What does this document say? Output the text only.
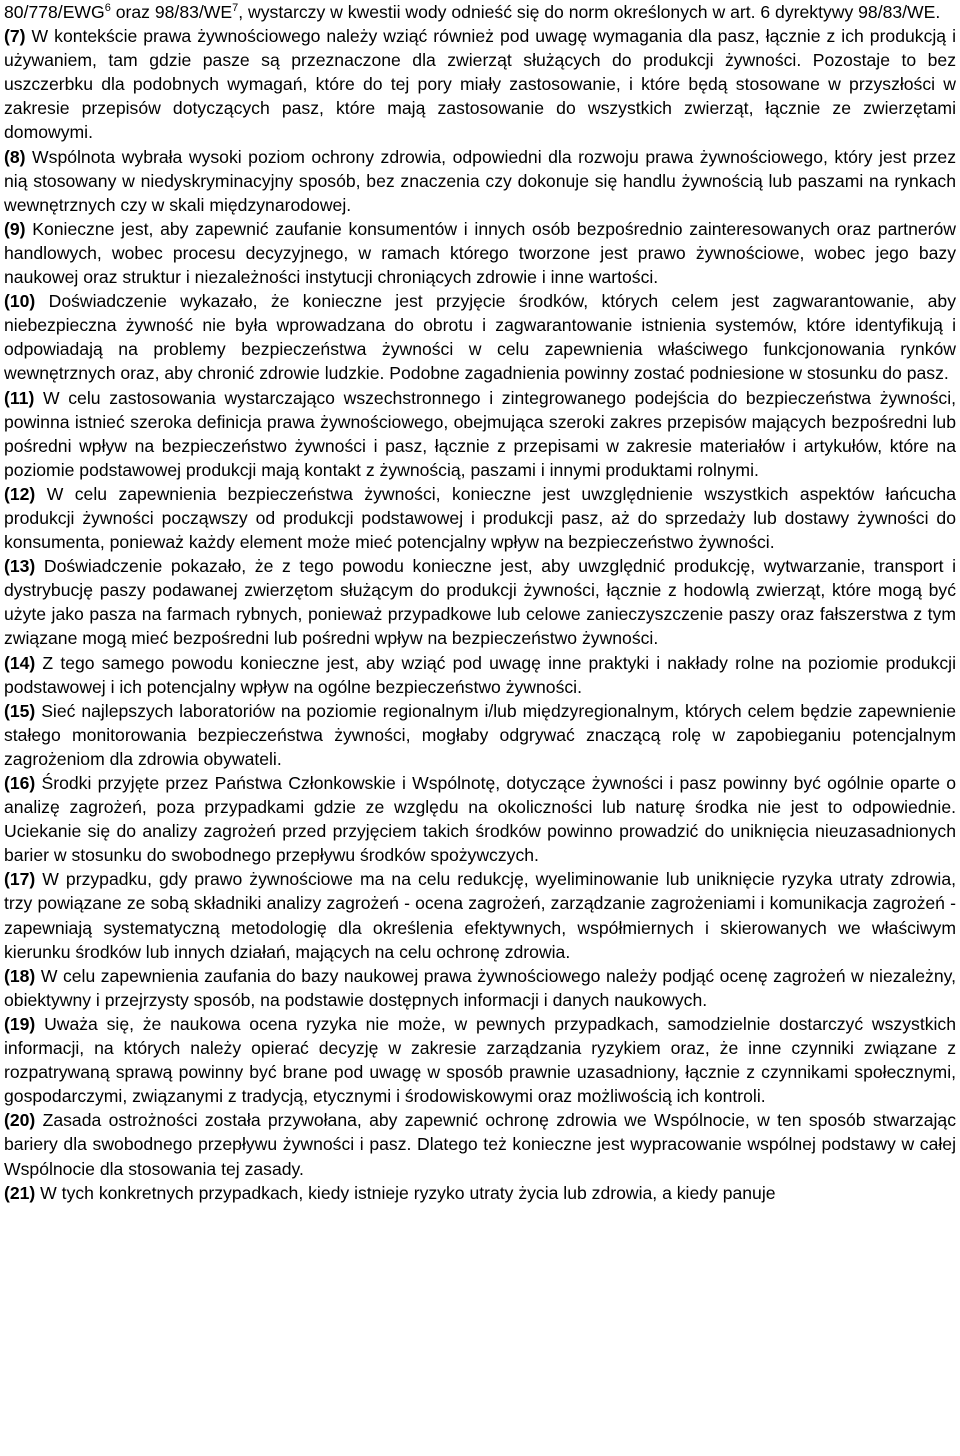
80/778/EWG$^6$ oraz $98/83/WE^7$, wystarczy w kwestii wody odnieść się do norm określonych w art. 6 dyrektywy 98/83/WE.

(7) W kontekście prawa żywnościowego należy wziąć również pod uwagę wymagania dla pasz, łącznie z ich produkcją i używaniem, tam gdzie pasze są przeznaczone dla zwierząt służących do produkcji żywności. Pozostaje to bez uszczerbku dla podobnych wymagań, które do tej pory miały zastosowanie, i które będą stosowane w przyszłości w zakresie przepisów dotyczących pasz, które mają zastosowanie do wszystkich zwierząt, łącznie ze zwierzętami domowymi.

(8) Wspólnota wybrała wysoki poziom ochrony zdrowia, odpowiedni dla rozwoju prawa żywnościowego, który jest przez nią stosowany w niedyskryminacyjny sposób, bez znaczenia czy dokonuje się handlu żywnością lub paszami na rynkach wewnętrznych czy w skali międzynarodowej.

(9) Konieczne jest, aby zapewnić zaufanie konsumentów i innych osób bezpośrednio zainteresowanych oraz partnerów handlowych, wobec procesu decyzyjnego, w ramach którego tworzone jest prawo żywnościowe, wobec jego bazy naukowej oraz struktur i niezależności instytucji chroniących zdrowie i inne wartości.

(10) Doświadczenie wykazało, że konieczne jest przyjęcie środków, których celem jest zagwarantowanie, aby niebezpieczna żywność nie była wprowadzana do obrotu i zagwarantowanie istnienia systemów, które identyfikują i odpowiadają na problemy bezpieczeństwa żywności w celu zapewnienia właściwego funkcjonowania rynków wewnętrznych oraz, aby chronić zdrowie ludzkie. Podobne zagadnienia powinny zostać podniesione w stosunku do pasz.

(11) W celu zastosowania wystarczająco wszechstronnego i zintegrowanego podejścia do bezpieczeństwa żywności, powinna istnieć szeroka definicja prawa żywnościowego, obejmująca szeroki zakres przepisów mających bezpośredni lub pośredni wpływ na bezpieczeństwo żywności i pasz, łącznie z przepisami w zakresie materiałów i artykułów, które na poziomie podstawowej produkcji mają kontakt z żywnością, paszami i innymi produktami rolnymi.

(12) W celu zapewnienia bezpieczeństwa żywności, konieczne jest uwzględnienie wszystkich aspektów łańcucha produkcji żywności począwszy od produkcji podstawowej i produkcji pasz, aż do sprzedaży lub dostawy żywności do konsumenta, ponieważ każdy element może mieć potencjalny wpływ na bezpieczeństwo żywności.

(13) Doświadczenie pokazało, że z tego powodu konieczne jest, aby uwzględnić produkcję, wytwarzanie, transport i dystrybucję paszy podawanej zwierzętom służącym do produkcji żywności, łącznie z hodowlą zwierząt, które mogą być użyte jako pasza na farmach rybnych, ponieważ przypadkowe lub celowe zanieczyszczenie paszy oraz fałszerstwa z tym związane mogą mieć bezpośredni lub pośredni wpływ na bezpieczeństwo żywności.

(14) Z tego samego powodu konieczne jest, aby wziąć pod uwagę inne praktyki i nakłady rolne na poziomie produkcji podstawowej i ich potencjalny wpływ na ogólne bezpieczeństwo żywności.

(15) Sieć najlepszych laboratoriów na poziomie regionalnym i/lub międzyregionalnym, których celem będzie zapewnienie stałego monitorowania bezpieczeństwa żywności, mogłaby odgrywać znaczącą rolę w zapobieganiu potencjalnym zagrożeniom dla zdrowia obywateli.

(16) Środki przyjęte przez Państwa Członkowskie i Wspólnotę, dotyczące żywności i pasz powinny być ogólnie oparte o analizę zagrożeń, poza przypadkami gdzie ze względu na okoliczności lub naturę środka nie jest to odpowiednie. Uciekanie się do analizy zagrożeń przed przyjęciem takich środków powinno prowadzić do uniknięcia nieuzasadnionych barier w stosunku do swobodnego przepływu środków spożywczych.

(17) W przypadku, gdy prawo żywnościowe ma na celu redukcję, wyeliminowanie lub uniknięcie ryzyka utraty zdrowia, trzy powiązane ze sobą składniki analizy zagrożeń - ocena zagrożeń, zarządzanie zagrożeniami i komunikacja zagrożeń - zapewniają systematyczną metodologię dla określenia efektywnych, współmiernych i skierowanych we właściwym kierunku środków lub innych działań, mających na celu ochronę zdrowia.

(18) W celu zapewnienia zaufania do bazy naukowej prawa żywnościowego należy podjąć ocenę zagrożeń w niezależny, obiektywny i przejrzysty sposób, na podstawie dostępnych informacji i danych naukowych.

(19) Uważa się, że naukowa ocena ryzyka nie może, w pewnych przypadkach, samodzielnie dostarczyć wszystkich informacji, na których należy opierać decyzję w zakresie zarządzania ryzykiem oraz, że inne czynniki związane z rozpatrywaną sprawą powinny być brane pod uwagę w sposób prawnie uzasadniony, łącznie z czynnikami społecznymi, gospodarczymi, związanymi z tradycją, etycznymi i środowiskowymi oraz możliwością ich kontroli.

(20) Zasada ostrożności została przywołana, aby zapewnić ochronę zdrowia we Wspólnocie, w ten sposób stwarzając bariery dla swobodnego przepływu żywności i pasz. Dlatego też konieczne jest wypracowanie wspólnej podstawy w całej Wspólnocie dla stosowania tej zasady.

(21) W tych konkretnych przypadkach, kiedy istnieje ryzyko utraty życia lub zdrowia, a kiedy panuje
